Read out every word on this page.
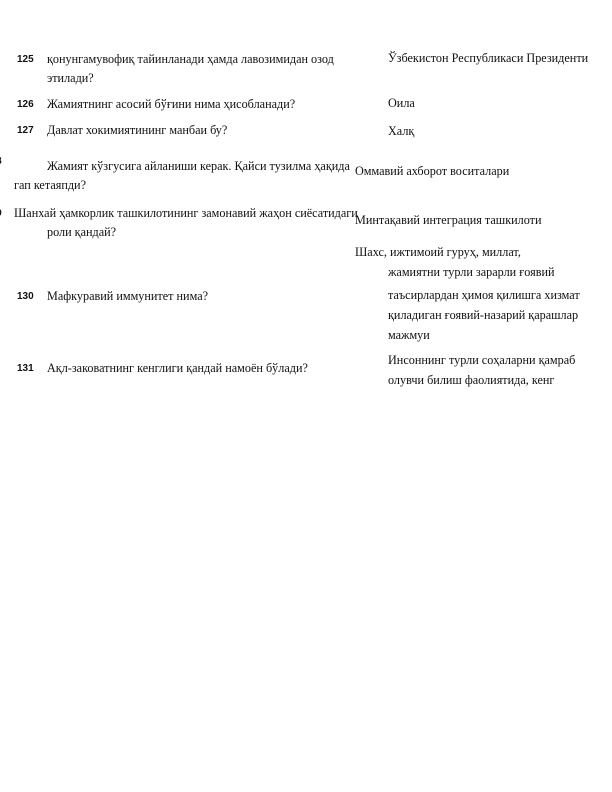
125 қонунгамувофиқ тайинланади ҳамда лавозимидан озод
этилади?
Ўзбекистон Республикаси Президенти
126 Жамиятнинг асосий бўғини нима ҳисобланади?	Оила
127 Давлат хокимиятининг манбаи бу?	Халқ
Жамият кўзгусига айланиши керак. Қайси тузилма ҳақида
гап кетаяпди?
Оммавий ахборот воситалари
Шанхай ҳамкорлик ташкилотининг замонавий жаҳон сиёсатидаги
роли қандай?
Минтақавий интеграция ташкилоти
130 Мафкуравий иммунитет нима?
Шахс, ижтимоий гуруҳ, миллат,
жамиятни турли зарарли ғоявий
таъсирлардан ҳимоя қилишга хизмат
қиладиган ғоявий-назарий қарашлар
мажмуи
131 Ақл-заковатнинг кенглиги қандай намоён бўлади?
Инсоннинг турли соҳаларни қамраб
олувчи билиш фаолиятида, кенг
